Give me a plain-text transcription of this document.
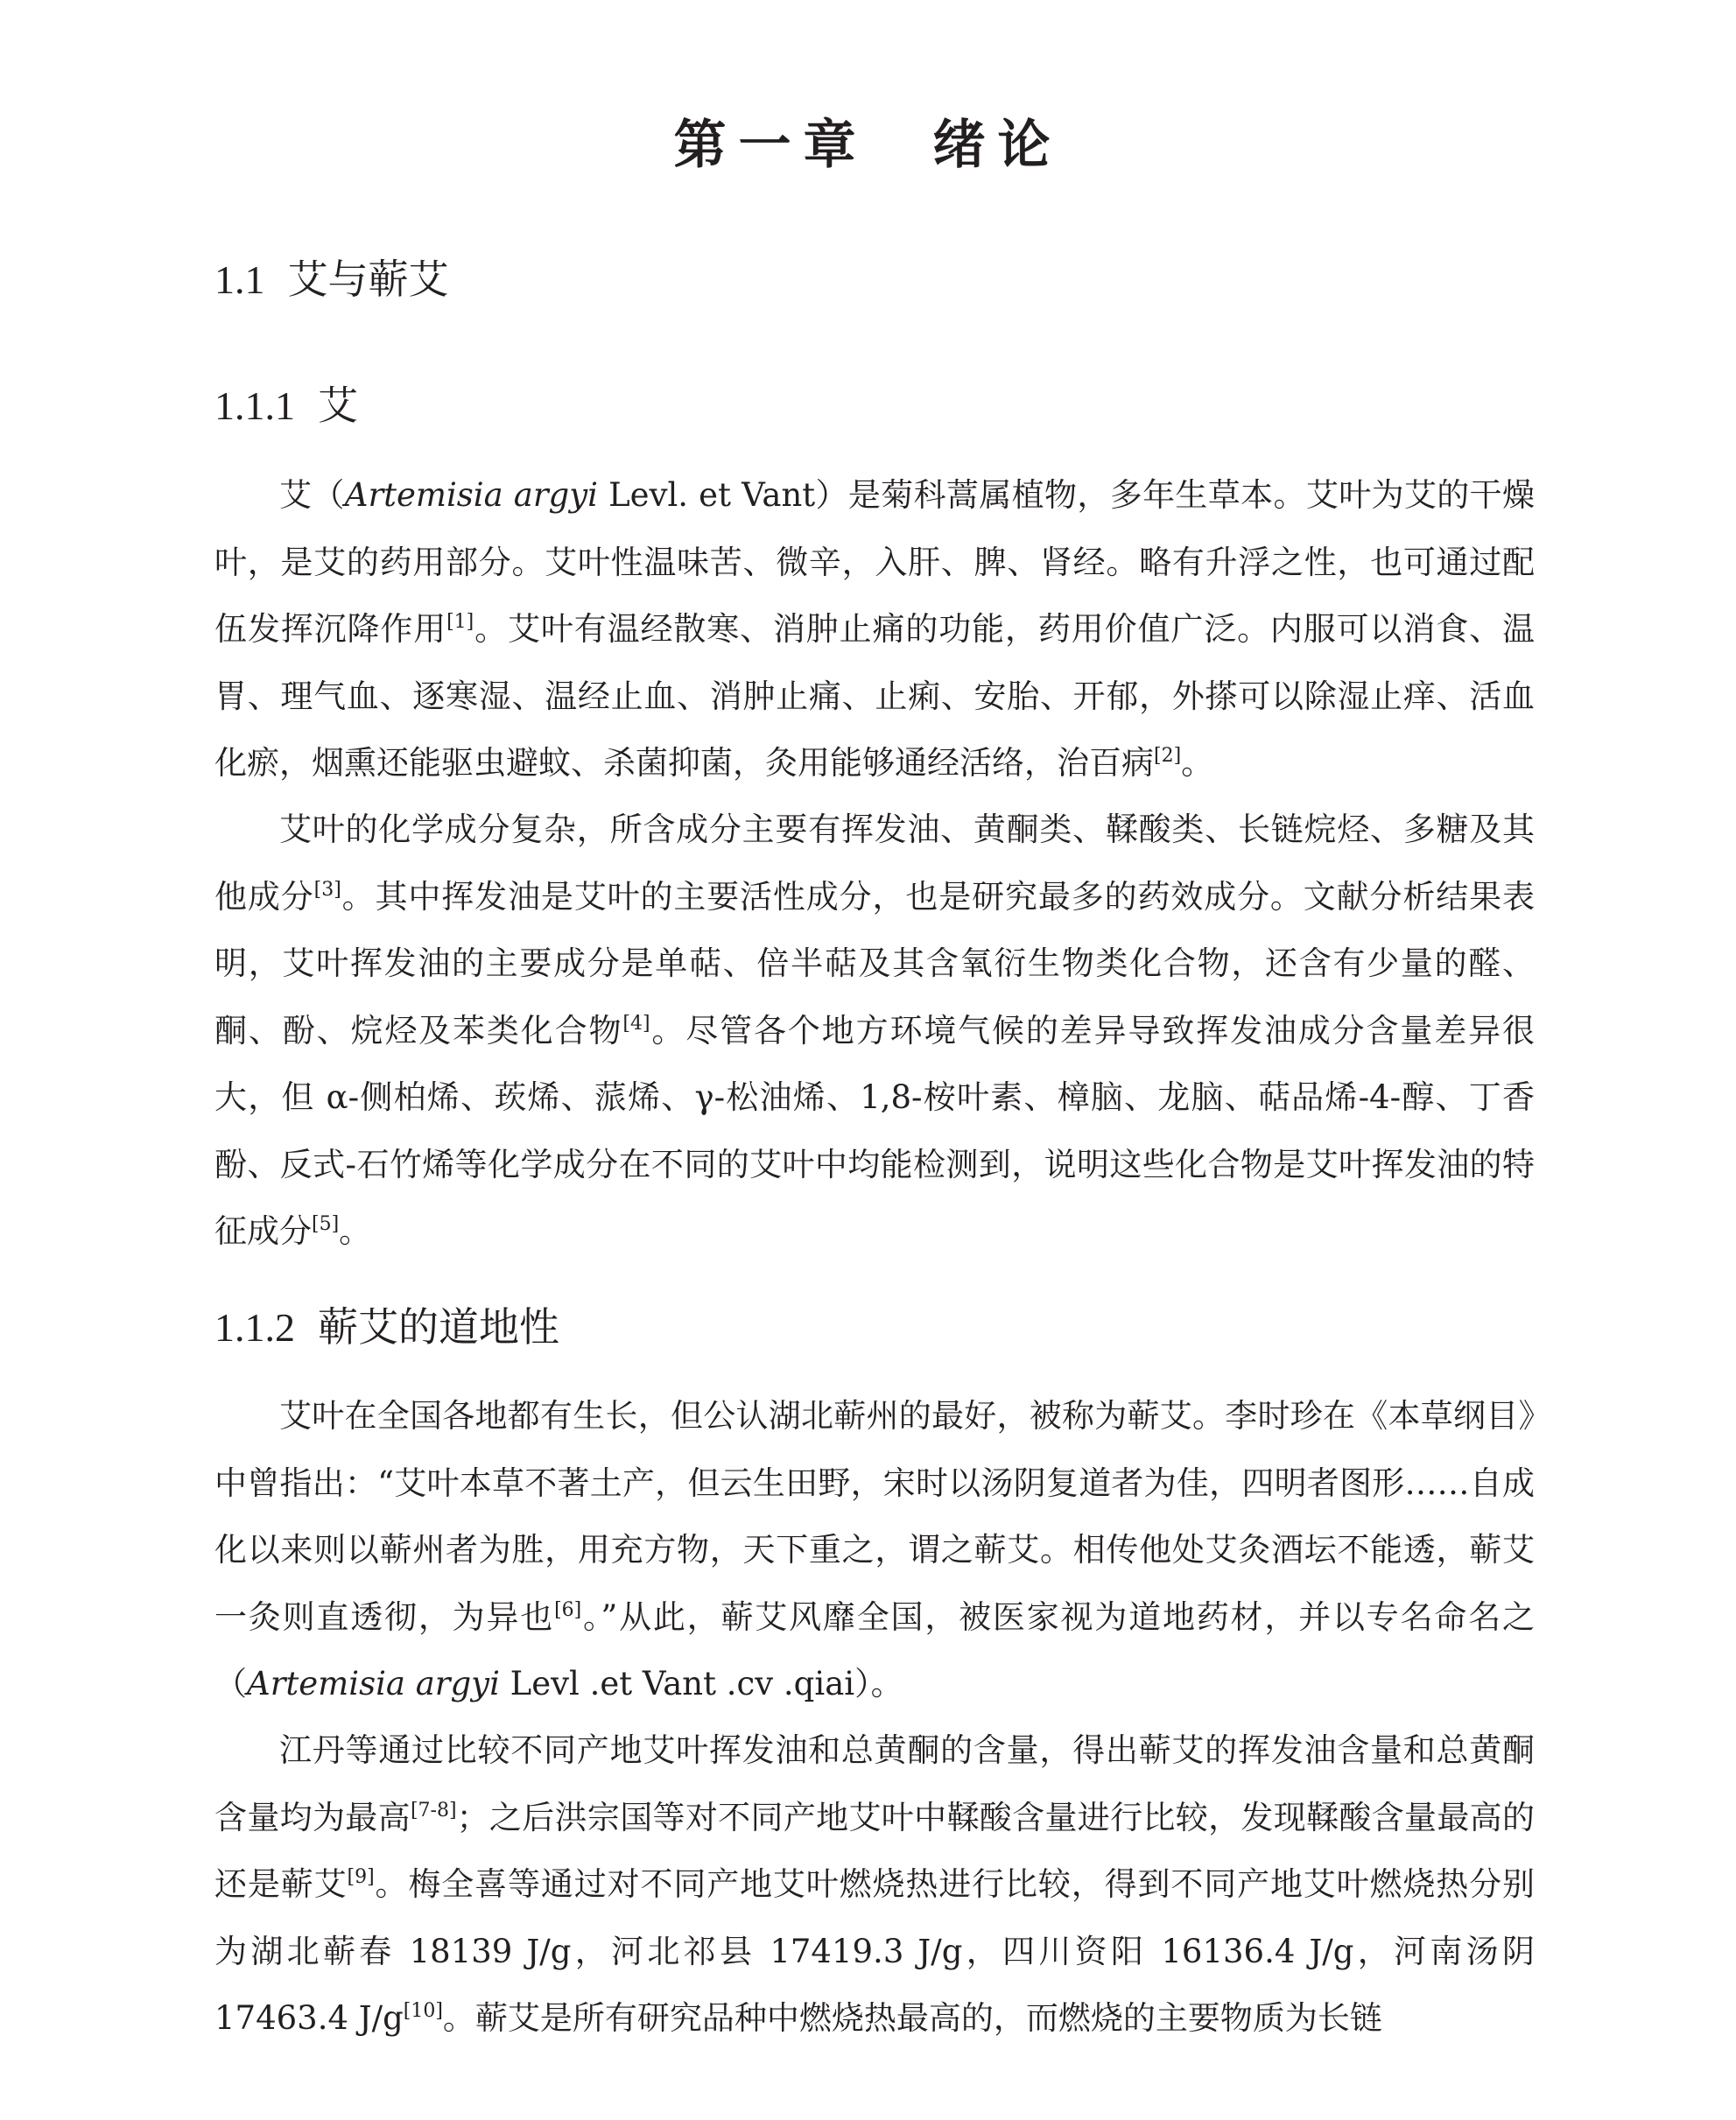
第一章　绪论
1.1 艾与蕲艾
1.1.1 艾

艾（Artemisia argyi Levl. et Vant）是菊科蒿属植物，多年生草本。艾叶为艾的干燥叶，是艾的药用部分。艾叶性温味苦、微辛，入肝、脾、肾经。略有升浮之性，也可通过配伍发挥沉降作用[1]。艾叶有温经散寒、消肿止痛的功能，药用价值广泛。内服可以消食、温胃、理气血、逐寒湿、温经止血、消肿止痛、止痢、安胎、开郁，外搽可以除湿止痒、活血化瘀，烟熏还能驱虫避蚊、杀菌抑菌，灸用能够通经活络，治百病[2]。

艾叶的化学成分复杂，所含成分主要有挥发油、黄酮类、鞣酸类、长链烷烃、多糖及其他成分[3]。其中挥发油是艾叶的主要活性成分，也是研究最多的药效成分。文献分析结果表明，艾叶挥发油的主要成分是单萜、倍半萜及其含氧衍生物类化合物，还含有少量的醛、酮、酚、烷烃及苯类化合物[4]。尽管各个地方环境气候的差异导致挥发油成分含量差异很大，但 α-侧柏烯、莰烯、蒎烯、γ-松油烯、1,8-桉叶素、樟脑、龙脑、萜品烯-4-醇、丁香酚、反式-石竹烯等化学成分在不同的艾叶中均能检测到，说明这些化合物是艾叶挥发油的特征成分[5]。

1.1.2 蕲艾的道地性

艾叶在全国各地都有生长，但公认湖北蕲州的最好，被称为蕲艾。李时珍在《本草纲目》中曾指出：“艾叶本草不著土产，但云生田野，宋时以汤阴复道者为佳，四明者图形……自成化以来则以蕲州者为胜，用充方物，天下重之，谓之蕲艾。相传他处艾灸酒坛不能透，蕲艾一灸则直透彻，为异也[6]。”从此，蕲艾风靡全国，被医家视为道地药材，并以专名命名之（Artemisia argyi Levl .et Vant .cv .qiai）。

江丹等通过比较不同产地艾叶挥发油和总黄酮的含量，得出蕲艾的挥发油含量和总黄酮含量均为最高[7-8]；之后洪宗国等对不同产地艾叶中鞣酸含量进行比较，发现鞣酸含量最高的还是蕲艾[9]。梅全喜等通过对不同产地艾叶燃烧热进行比较，得到不同产地艾叶燃烧热分别为湖北蕲春 18139 J/g，河北祁县 17419.3 J/g，四川资阳 16136.4 J/g，河南汤阴 17463.4 J/g[10]。蕲艾是所有研究品种中燃烧热最高的，而燃烧的主要物质为长链
